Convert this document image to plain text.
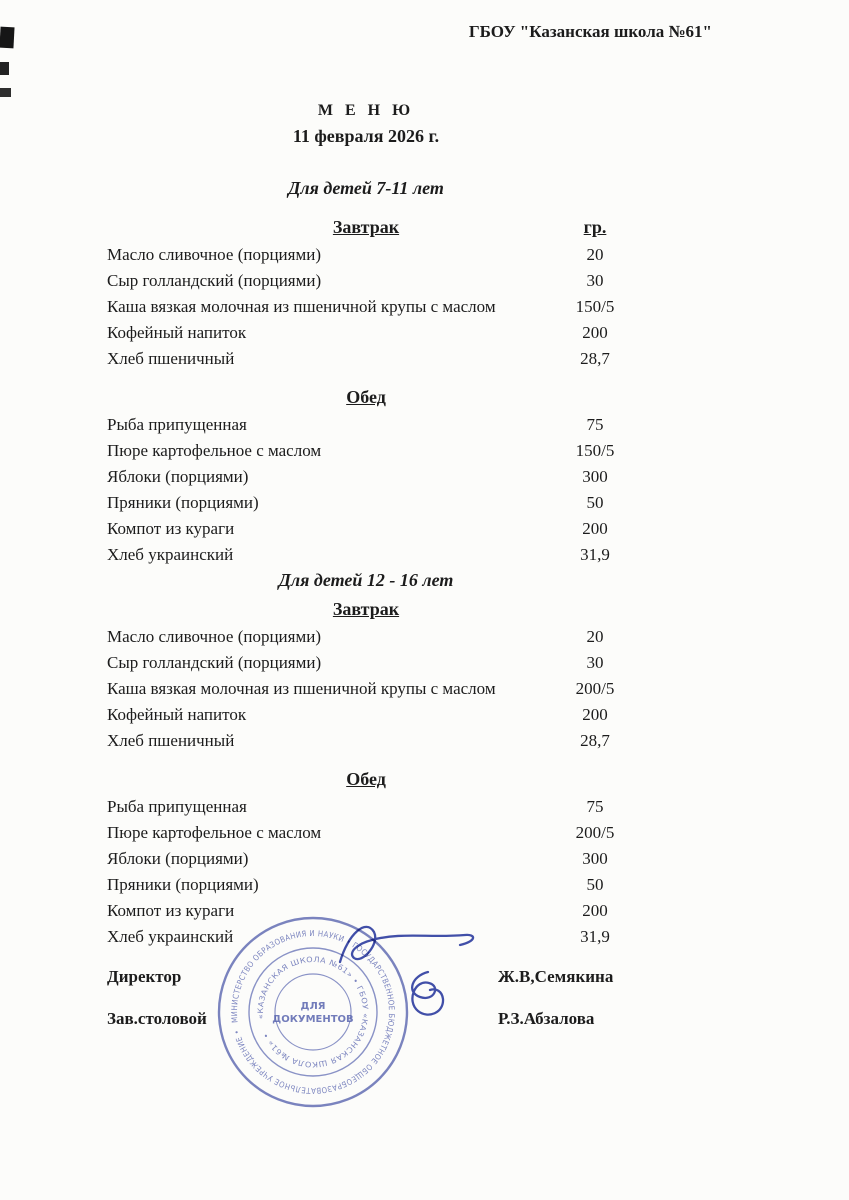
ГБОУ "Казанская школа №61"
М Е Н Ю
11 февраля 2026 г.
Для детей 7-11 лет
Завтрак	гр.
Масло сливочное (порциями)	20
Сыр голландский (порциями)	30
Каша вязкая молочная из пшеничной крупы с маслом	150/5
Кофейный напиток	200
Хлеб пшеничный	28,7
Обед
Рыба припущенная	75
Пюре картофельное с маслом	150/5
Яблоки (порциями)	300
Пряники (порциями)	50
Компот из кураги	200
Хлеб украинский	31,9
Для детей 12 - 16 лет
Завтрак
Масло сливочное (порциями)	20
Сыр голландский (порциями)	30
Каша вязкая молочная из пшеничной крупы с маслом	200/5
Кофейный напиток	200
Хлеб пшеничный	28,7
Обед
Рыба припущенная	75
Пюре картофельное с маслом	200/5
Яблоки (порциями)	300
Пряники (порциями)	50
Компот из кураги	200
Хлеб украинский	31,9
Директор	Ж.В,Семякина
Зав.столовой	Р.З.Абзалова
МИНИСТЕРСТВО ОБРАЗОВАНИЯ И НАУКИ • ГОСУДАРСТВЕННОЕ БЮДЖЕТНОЕ ОБЩЕОБРАЗОВАТЕЛЬНОЕ УЧРЕЖДЕНИЕ •
«КАЗАНСКАЯ ШКОЛА №61» • ГБОУ «КАЗАНСКАЯ ШКОЛА №61» •
ДЛЯ
ДОКУМЕНТОВ
